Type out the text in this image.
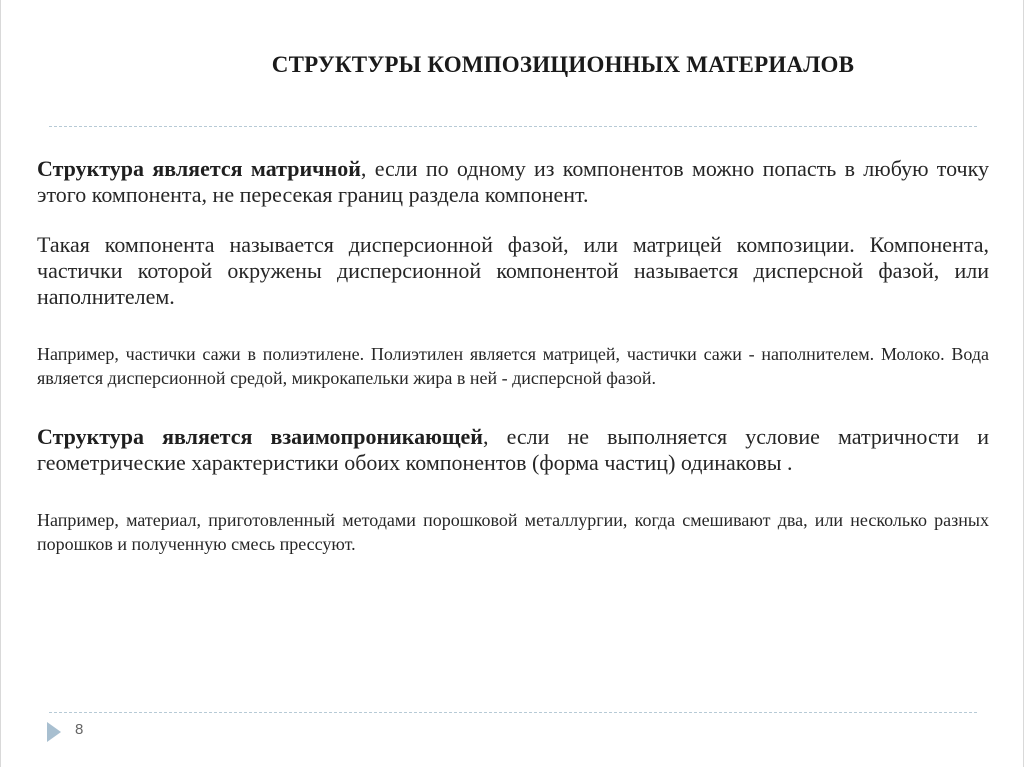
СТРУКТУРЫ КОМПОЗИЦИОННЫХ МАТЕРИАЛОВ

Структура является матричной, если по одному из компонентов можно попасть в любую точку этого компонента, не пересекая границ раздела компонент.

Такая компонента называется дисперсионной фазой, или матрицей композиции. Компонента, частички которой окружены дисперсионной компонентой называется дисперсной фазой, или наполнителем.

Например, частички сажи в полиэтилене. Полиэтилен является матрицей, частички сажи - наполнителем. Молоко. Вода является дисперсионной средой, микрокапельки жира в ней - дисперсной фазой.

Структура является взаимопроникающей, если не выполняется условие матричности и геометрические характеристики обоих компонентов (форма частиц) одинаковы .

Например, материал, приготовленный методами порошковой металлургии, когда смешивают два, или несколько разных порошков и полученную смесь прессуют.

8
